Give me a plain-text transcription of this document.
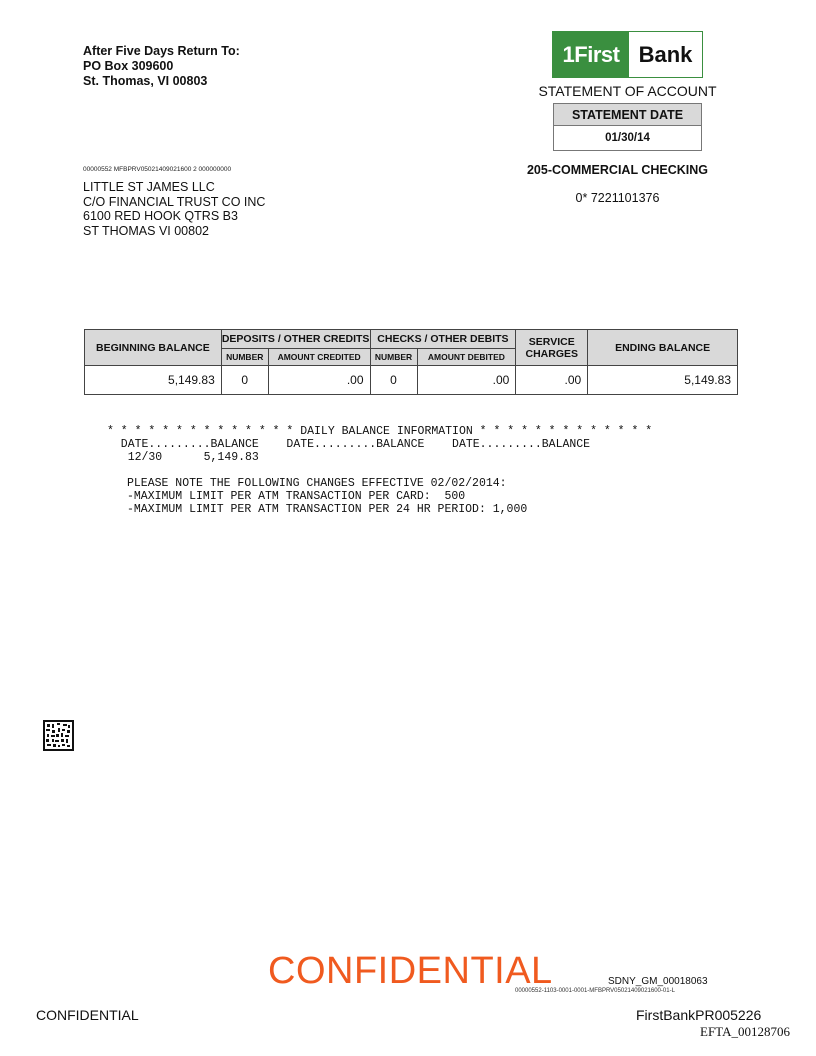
After Five Days Return To:
PO Box 309600
St. Thomas, VI 00803
1First Bank
STATEMENT OF ACCOUNT
STATEMENT DATE
01/30/14
205-COMMERCIAL CHECKING
0* 7221101376
00000552 MFBPRV05021409021600 2 000000000
LITTLE ST JAMES LLC
C/O FINANCIAL TRUST CO INC
6100 RED HOOK QTRS B3
ST THOMAS VI 00802
BEGINNING BALANCE	DEPOSITS / OTHER CREDITS		CHECKS / OTHER DEBITS		SERVICE CHARGES	ENDING BALANCE
	NUMBER	AMOUNT CREDITED	NUMBER	AMOUNT DEBITED		
5,149.83	0	.00	0	.00	.00	5,149.83
* * * * * * * * * * * * * * DAILY BALANCE INFORMATION * * * * * * * * * * * * *
DATE.........BALANCE    DATE.........BALANCE    DATE.........BALANCE
12/30      5,149.83
PLEASE NOTE THE FOLLOWING CHANGES EFFECTIVE 02/02/2014:
-MAXIMUM LIMIT PER ATM TRANSACTION PER CARD:  500
-MAXIMUM LIMIT PER ATM TRANSACTION PER 24 HR PERIOD: 1,000
CONFIDENTIAL	SDNY_GM_00018063
00000552-1103-0001-0001-MFBPRV05021409021600-01-L
CONFIDENTIAL	FirstBankPR005226
EFTA_00128706
